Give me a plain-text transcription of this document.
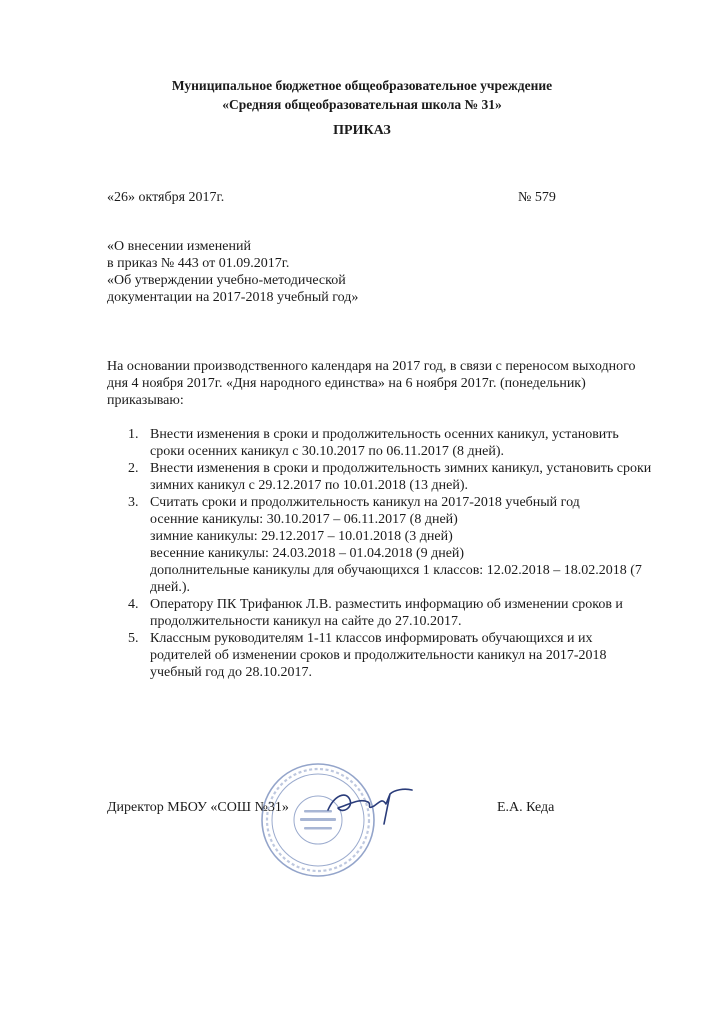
Муниципальное бюджетное общеобразовательное учреждение
«Средняя общеобразовательная школа № 31»
ПРИКАЗ
«26» октября 2017г.	№ 579
«О внесении изменений
в приказ № 443 от 01.09.2017г.
«Об утверждении учебно-методической
документации на 2017-2018 учебный год»
На основании производственного календаря на 2017 год, в связи с переносом выходного
дня 4 ноября 2017г. «Дня народного единства» на 6 ноября 2017г. (понедельник)
приказываю:
1. Внести изменения в сроки и продолжительность осенних каникул, установить
сроки осенних каникул с 30.10.2017 по 06.11.2017 (8 дней).
2. Внести изменения в сроки и продолжительность зимних каникул, установить сроки
зимних каникул с 29.12.2017 по 10.01.2018 (13 дней).
3. Считать сроки и продолжительность каникул на 2017-2018 учебный год
осенние каникулы: 30.10.2017 – 06.11.2017 (8 дней)
зимние каникулы: 29.12.2017 – 10.01.2018 (3 дней)
весенние каникулы: 24.03.2018 – 01.04.2018 (9 дней)
дополнительные каникулы для обучающихся 1 классов: 12.02.2018 – 18.02.2018 (7
дней.).
4. Оператору ПК Трифанюк Л.В. разместить информацию об изменении сроков и
продолжительности каникул на сайте до 27.10.2017.
5. Классным руководителям 1-11 классов информировать обучающихся и их
родителей об изменении сроков и продолжительности каникул на 2017-2018
учебный год до 28.10.2017.
Директор МБОУ «СОШ №31»	Е.А. Кеда
